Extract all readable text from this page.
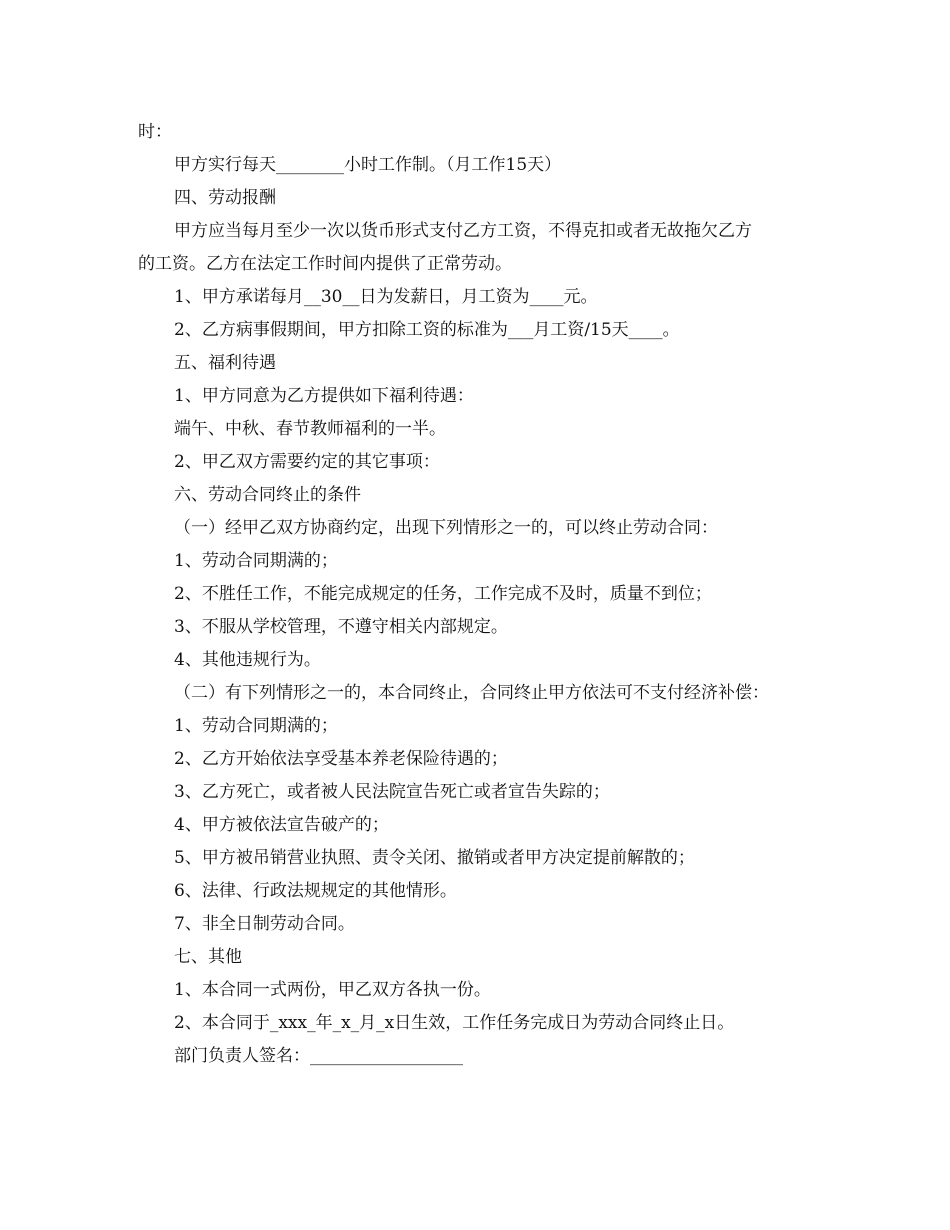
时：
甲方实行每天________小时工作制。（月工作15天）
四、劳动报酬
甲方应当每月至少一次以货币形式支付乙方工资，不得克扣或者无故拖欠乙方
的工资。乙方在法定工作时间内提供了正常劳动。
1、甲方承诺每月__30__日为发薪日，月工资为____元。
2、乙方病事假期间，甲方扣除工资的标准为___月工资/15天____。
五、福利待遇
1、甲方同意为乙方提供如下福利待遇：
端午、中秋、春节教师福利的一半。
2、甲乙双方需要约定的其它事项：
六、劳动合同终止的条件
（一）经甲乙双方协商约定，出现下列情形之一的，可以终止劳动合同：
1、劳动合同期满的；
2、不胜任工作，不能完成规定的任务，工作完成不及时，质量不到位；
3、不服从学校管理，不遵守相关内部规定。
4、其他违规行为。
（二）有下列情形之一的，本合同终止，合同终止甲方依法可不支付经济补偿：
1、劳动合同期满的；
2、乙方开始依法享受基本养老保险待遇的；
3、乙方死亡，或者被人民法院宣告死亡或者宣告失踪的；
4、甲方被依法宣告破产的；
5、甲方被吊销营业执照、责令关闭、撤销或者甲方决定提前解散的；
6、法律、行政法规规定的其他情形。
7、非全日制劳动合同。
七、其他
1、本合同一式两份，甲乙双方各执一份。
2、本合同于_xxx_年_x_月_x日生效，工作任务完成日为劳动合同终止日。
部门负责人签名：__________________
